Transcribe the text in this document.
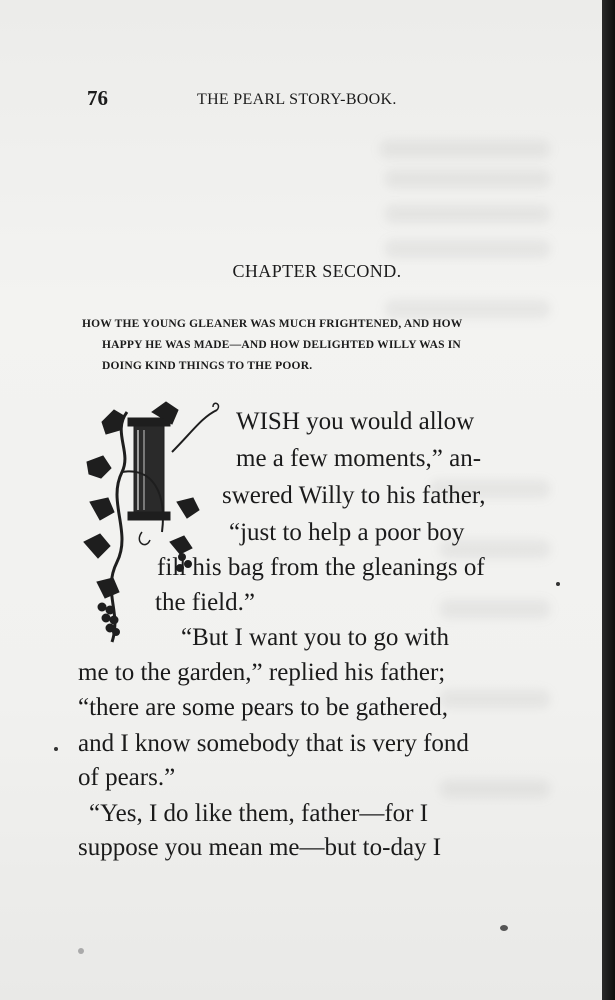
76	THE PEARL STORY-BOOK.
CHAPTER SECOND.
HOW THE YOUNG GLEANER WAS MUCH FRIGHTENED, AND HOW
HAPPY HE WAS MADE—AND HOW DELIGHTED WILLY WAS IN
DOING KIND THINGS TO THE POOR.
WISH you would allow
me a few moments,” an-
swered Willy to his father,
“just to help a poor boy
fill his bag from the gleanings of
the field.”
“But I want you to go with
me to the garden,” replied his father;
“there are some pears to be gathered,
and I know somebody that is very fond
of pears.”
“Yes, I do like them, father—for I
suppose you mean me—but to-day I
